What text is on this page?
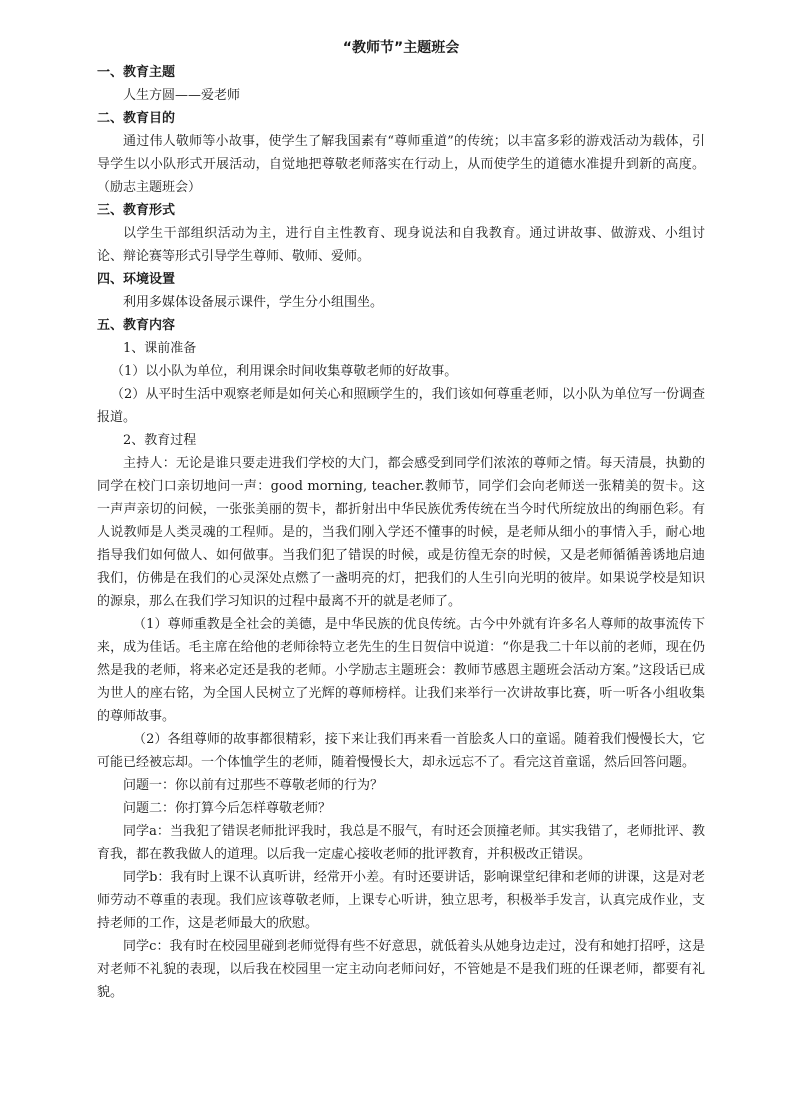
“教师节”主题班会
一、教育主题
人生方圆——爱老师
二、教育目的
通过伟人敬师等小故事，使学生了解我国素有“尊师重道”的传统；以丰富多彩的游戏活动为载体，引导学生以小队形式开展活动，自觉地把尊敬老师落实在行动上，从而使学生的道德水准提升到新的高度。（励志主题班会）
三、教育形式
以学生干部组织活动为主，进行自主性教育、现身说法和自我教育。通过讲故事、做游戏、小组讨论、辩论赛等形式引导学生尊师、敬师、爱师。
四、环境设置
利用多媒体设备展示课件，学生分小组围坐。
五、教育内容
1、课前准备
（1）以小队为单位，利用课余时间收集尊敬老师的好故事。
（2）从平时生活中观察老师是如何关心和照顾学生的，我们该如何尊重老师，以小队为单位写一份调查报道。
2、教育过程
主持人：无论是谁只要走进我们学校的大门，都会感受到同学们浓浓的尊师之情。每天清晨，执勤的同学在校门口亲切地问一声：good morning, teacher.教师节，同学们会向老师送一张精美的贺卡。这一声声亲切的问候，一张张美丽的贺卡，都折射出中华民族优秀传统在当今时代所绽放出的绚丽色彩。有人说教师是人类灵魂的工程师。是的，当我们刚入学还不懂事的时候，是老师从细小的事情入手，耐心地指导我们如何做人、如何做事。当我们犯了错误的时候，或是彷徨无奈的时候，又是老师循循善诱地启迪我们，仿佛是在我们的心灵深处点燃了一盏明亮的灯，把我们的人生引向光明的彼岸。如果说学校是知识的源泉，那么在我们学习知识的过程中最离不开的就是老师了。
（1）尊师重教是全社会的美德，是中华民族的优良传统。古今中外就有许多名人尊师的故事流传下来，成为佳话。毛主席在给他的老师徐特立老先生的生日贺信中说道：“你是我二十年以前的老师，现在仍然是我的老师，将来必定还是我的老师。小学励志主题班会：教师节感恩主题班会活动方案。”这段话已成为世人的座右铭，为全国人民树立了光辉的尊师榜样。让我们来举行一次讲故事比赛，听一听各小组收集的尊师故事。
（2）各组尊师的故事都很精彩，接下来让我们再来看一首脍炙人口的童谣。随着我们慢慢长大，它可能已经被忘却。一个体恤学生的老师，随着慢慢长大，却永远忘不了。看完这首童谣，然后回答问题。
问题一：你以前有过那些不尊敬老师的行为？
问题二：你打算今后怎样尊敬老师？
同学a：当我犯了错误老师批评我时，我总是不服气，有时还会顶撞老师。其实我错了，老师批评、教育我，都在教我做人的道理。以后我一定虚心接收老师的批评教育，并积极改正错误。
同学b：我有时上课不认真听讲，经常开小差。有时还要讲话，影响课堂纪律和老师的讲课，这是对老师劳动不尊重的表现。我们应该尊敬老师，上课专心听讲，独立思考，积极举手发言，认真完成作业，支持老师的工作，这是老师最大的欣慰。
同学c：我有时在校园里碰到老师觉得有些不好意思，就低着头从她身边走过，没有和她打招呼，这是对老师不礼貌的表现，以后我在校园里一定主动向老师问好，不管她是不是我们班的任课老师，都要有礼貌。
